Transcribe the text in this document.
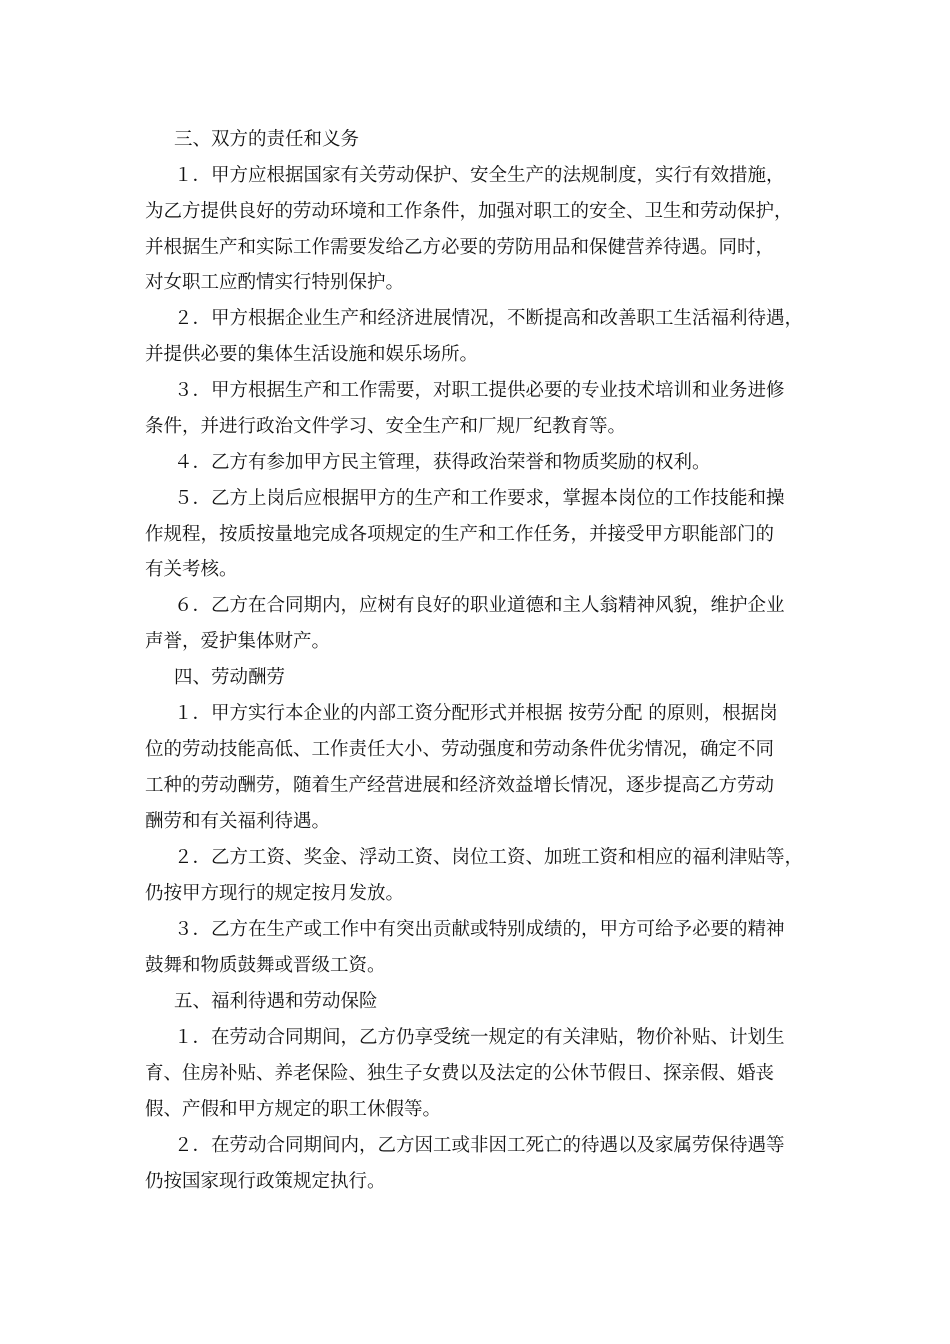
三、双方的责任和义务

１．甲方应根据国家有关劳动保护、安全生产的法规制度，实行有效措施，

为乙方提供良好的劳动环境和工作条件，加强对职工的安全、卫生和劳动保护，

并根据生产和实际工作需要发给乙方必要的劳防用品和保健营养待遇。同时，

对女职工应酌情实行特别保护。

２．甲方根据企业生产和经济进展情况，不断提高和改善职工生活福利待遇，

并提供必要的集体生活设施和娱乐场所。

３．甲方根据生产和工作需要，对职工提供必要的专业技术培训和业务进修

条件，并进行政治文件学习、安全生产和厂规厂纪教育等。

４．乙方有参加甲方民主管理，获得政治荣誉和物质奖励的权利。

５．乙方上岗后应根据甲方的生产和工作要求，掌握本岗位的工作技能和操

作规程，按质按量地完成各项规定的生产和工作任务，并接受甲方职能部门的

有关考核。

６．乙方在合同期内，应树有良好的职业道德和主人翁精神风貌，维护企业

声誉，爱护集体财产。

四、劳动酬劳

１．甲方实行本企业的内部工资分配形式并根据 按劳分配 的原则，根据岗

位的劳动技能高低、工作责任大小、劳动强度和劳动条件优劣情况，确定不同

工种的劳动酬劳，随着生产经营进展和经济效益增长情况，逐步提高乙方劳动

酬劳和有关福利待遇。

２．乙方工资、奖金、浮动工资、岗位工资、加班工资和相应的福利津贴等，

仍按甲方现行的规定按月发放。

３．乙方在生产或工作中有突出贡献或特别成绩的，甲方可给予必要的精神

鼓舞和物质鼓舞或晋级工资。

五、福利待遇和劳动保险

１．在劳动合同期间，乙方仍享受统一规定的有关津贴，物价补贴、计划生

育、住房补贴、养老保险、独生子女费以及法定的公休节假日、探亲假、婚丧

假、产假和甲方规定的职工休假等。

２．在劳动合同期间内，乙方因工或非因工死亡的待遇以及家属劳保待遇等

仍按国家现行政策规定执行。
